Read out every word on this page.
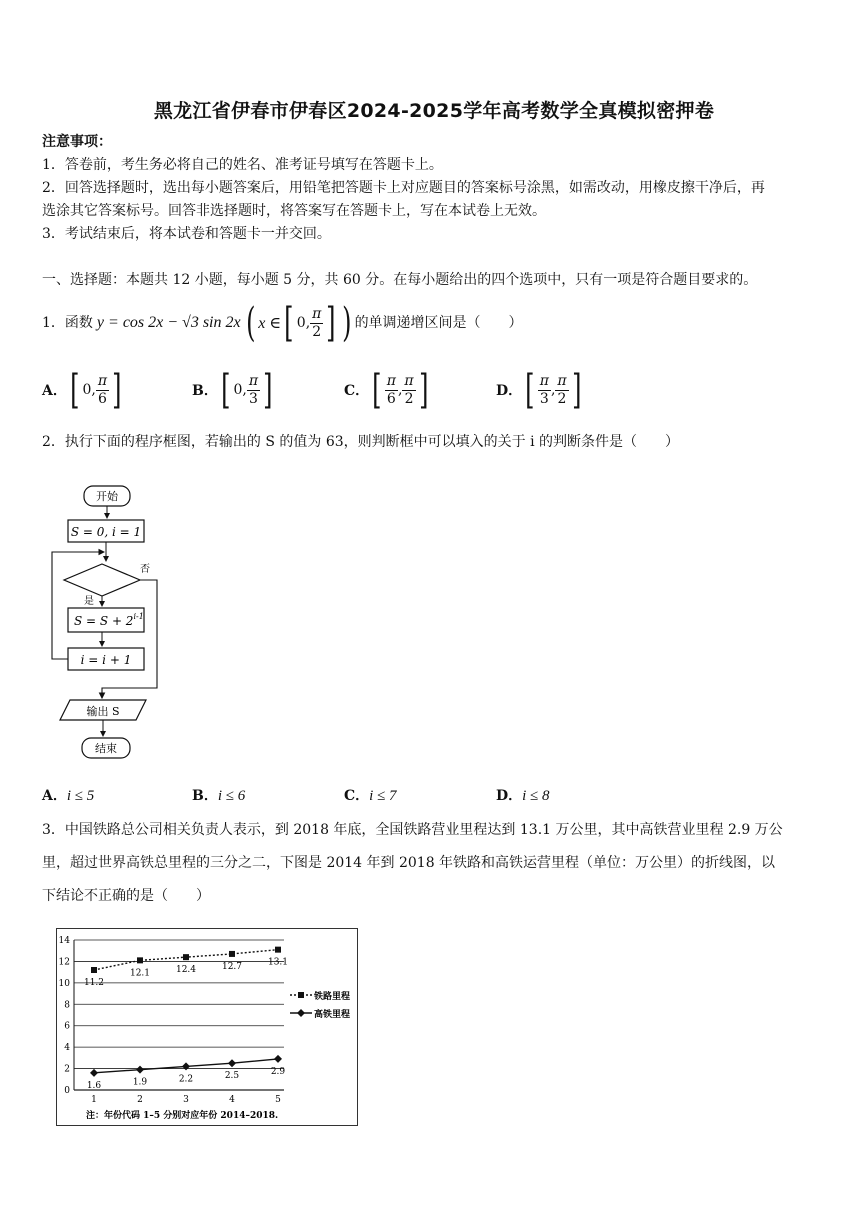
黑龙江省伊春市伊春区2024-2025学年高考数学全真模拟密押卷
注意事项：
1．答卷前，考生务必将自己的姓名、准考证号填写在答题卡上。
2．回答选择题时，选出每小题答案后，用铅笔把答题卡上对应题目的答案标号涂黑，如需改动，用橡皮擦干净后，再
选涂其它答案标号。回答非选择题时，将答案写在答题卡上，写在本试卷上无效。
3．考试结束后，将本试卷和答题卡一并交回。
一、选择题：本题共 12 小题，每小题 5 分，共 60 分。在每小题给出的四个选项中，只有一项是符合题目要求的。
1．函数 y = cos 2x − √3 sin 2x ( x ∈ [ 0, $\frac{\pi}{2}$ ] ) 的单调递增区间是（　　）
A． [ 0, $\frac{\pi}{6}$ ]	B． [ 0, $\frac{\pi}{3}$ ]	C． [ $\frac{\pi}{6}$ , $\frac{\pi}{2}$ ]	D． [ $\frac{\pi}{3}$ , $\frac{\pi}{2}$ ]
2．执行下面的程序框图，若输出的 S 的值为 63，则判断框中可以填入的关于 i 的判断条件是（　　）
开始
S = 0, i = 1
否
是
$S = S + 2^{i-1}$
i = i + 1
输出 S
结束
A．i ≤ 5	B．i ≤ 6	C．i ≤ 7	D．i ≤ 8
3．中国铁路总公司相关负责人表示，到 2018 年底，全国铁路营业里程达到 13.1 万公里，其中高铁营业里程 2.9 万公
里，超过世界高铁总里程的三分之二，下图是 2014 年到 2018 年铁路和高铁运营里程（单位：万公里）的折线图，以
下结论不正确的是（　　）
0
2
4
6
8
10
12
14
1	2	3	4	5
11.2
12.1	12.4	12.7	13.1
1.6	1.9	2.2	2.5	2.9
铁路里程
高铁里程
注：年份代码 1–5 分别对应年份 2014–2018.
